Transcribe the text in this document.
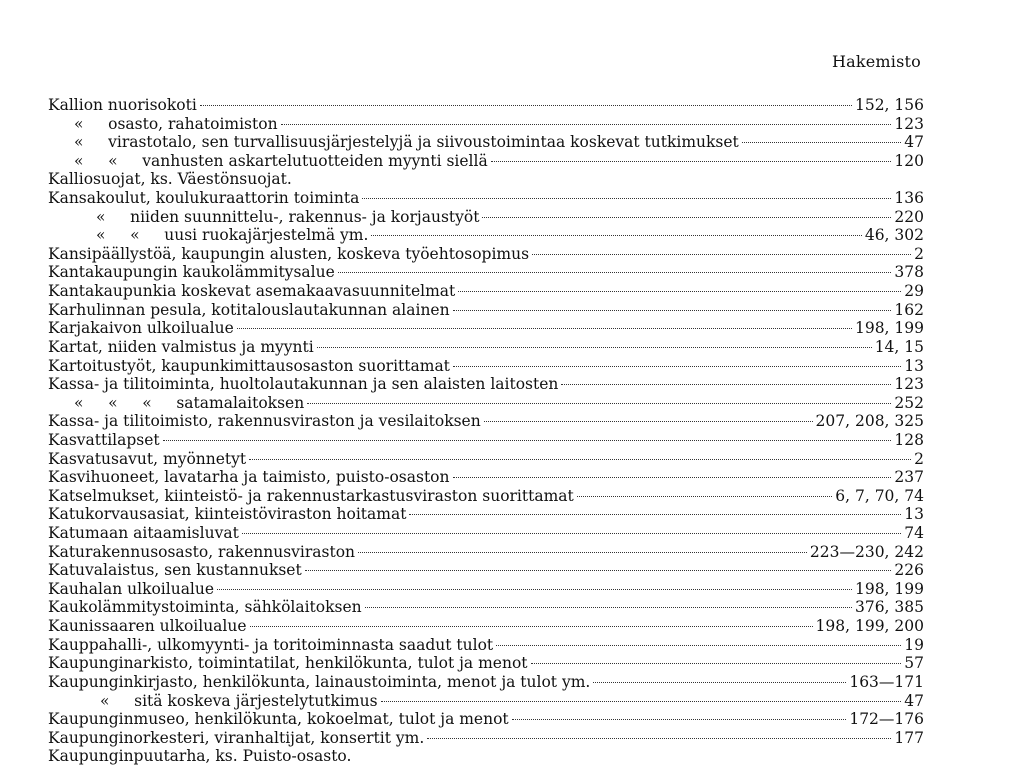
Hakemisto
Kallion nuorisokoti	152, 156
«     osasto, rahatoimiston	123
«     virastotalo, sen turvallisuusjärjestelyjä ja siivoustoimintaa koskevat tutkimukset	47
«     «     vanhusten askartelutuotteiden myynti siellä	120
Kalliosuojat, ks. Väestönsuojat.
Kansakoulut, koulukuraattorin toiminta	136
«     niiden suunnittelu-, rakennus- ja korjaustyöt	220
«     «     uusi ruokajärjestelmä ym.	46, 302
Kansipäällystöä, kaupungin alusten, koskeva työehtosopimus	2
Kantakaupungin kaukolämmitysalue	378
Kantakaupunkia koskevat asemakaavasuunnitelmat	29
Karhulinnan pesula, kotitalouslautakunnan alainen	162
Karjakaivon ulkoilualue	198, 199
Kartat, niiden valmistus ja myynti	14, 15
Kartoitustyöt, kaupunkimittausosaston suorittamat	13
Kassa- ja tilitoiminta, huoltolautakunnan ja sen alaisten laitosten	123
«     «     «     satamalaitoksen	252
Kassa- ja tilitoimisto, rakennusviraston ja vesilaitoksen	207, 208, 325
Kasvattilapset	128
Kasvatusavut, myönnetyt	2
Kasvihuoneet, lavatarha ja taimisto, puisto-osaston	237
Katselmukset, kiinteistö- ja rakennustarkastusviraston suorittamat	6, 7, 70, 74
Katukorvausasiat, kiinteistöviraston hoitamat	13
Katumaan aitaamisluvat	74
Katurakennusosasto, rakennusviraston	223—230, 242
Katuvalaistus, sen kustannukset	226
Kauhalan ulkoilualue	198, 199
Kaukolämmitystoiminta, sähkölaitoksen	376, 385
Kaunissaaren ulkoilualue	198, 199, 200
Kauppahalli-, ulkomyynti- ja toritoiminnasta saadut tulot	19
Kaupunginarkisto, toimintatilat, henkilökunta, tulot ja menot	57
Kaupunginkirjasto, henkilökunta, lainaustoiminta, menot ja tulot ym.	163—171
«     sitä koskeva järjestelytutkimus	47
Kaupunginmuseo, henkilökunta, kokoelmat, tulot ja menot	172—176
Kaupunginorkesteri, viranhaltijat, konsertit ym.	177
Kaupunginpuutarha, ks. Puisto-osasto.
